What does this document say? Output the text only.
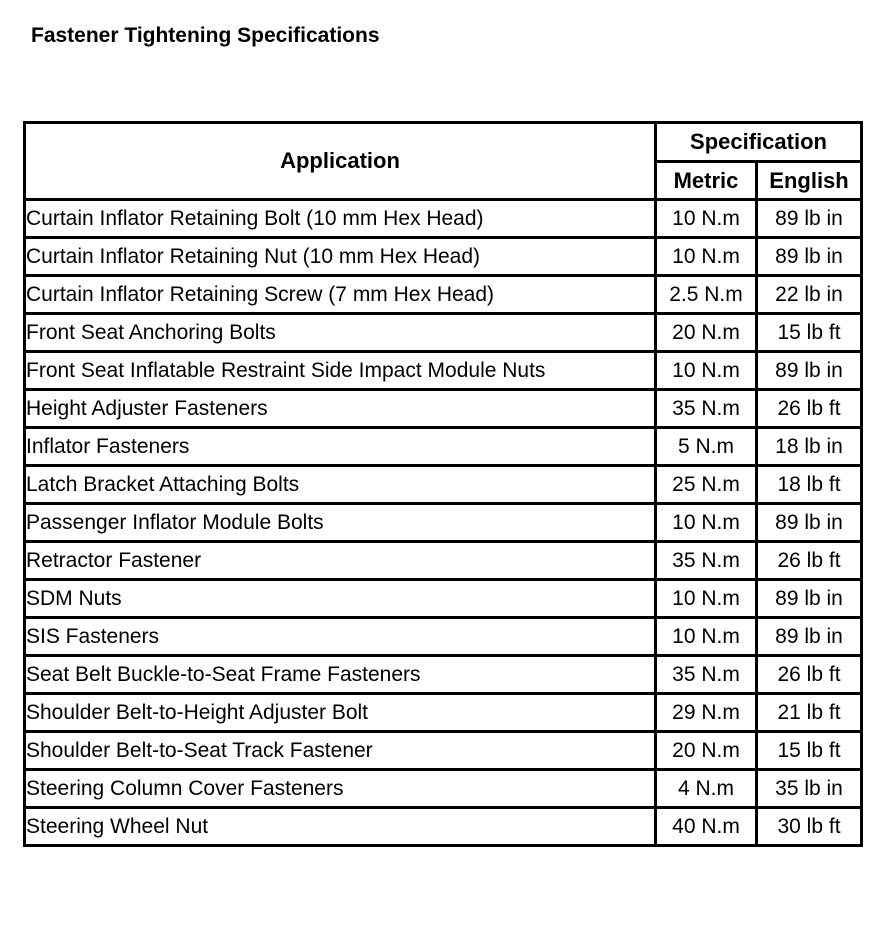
Fastener Tightening Specifications
Application	Specification	
	Metric	English
Curtain Inflator Retaining Bolt (10 mm Hex Head)	10 N.m	89 lb in
Curtain Inflator Retaining Nut (10 mm Hex Head)	10 N.m	89 lb in
Curtain Inflator Retaining Screw (7 mm Hex Head)	2.5 N.m	22 lb in
Front Seat Anchoring Bolts	20 N.m	15 lb ft
Front Seat Inflatable Restraint Side Impact Module Nuts	10 N.m	89 lb in
Height Adjuster Fasteners	35 N.m	26 lb ft
Inflator Fasteners	5 N.m	18 lb in
Latch Bracket Attaching Bolts	25 N.m	18 lb ft
Passenger Inflator Module Bolts	10 N.m	89 lb in
Retractor Fastener	35 N.m	26 lb ft
SDM Nuts	10 N.m	89 lb in
SIS Fasteners	10 N.m	89 lb in
Seat Belt Buckle-to-Seat Frame Fasteners	35 N.m	26 lb ft
Shoulder Belt-to-Height Adjuster Bolt	29 N.m	21 lb ft
Shoulder Belt-to-Seat Track Fastener	20 N.m	15 lb ft
Steering Column Cover Fasteners	4 N.m	35 lb in
Steering Wheel Nut	40 N.m	30 lb ft
